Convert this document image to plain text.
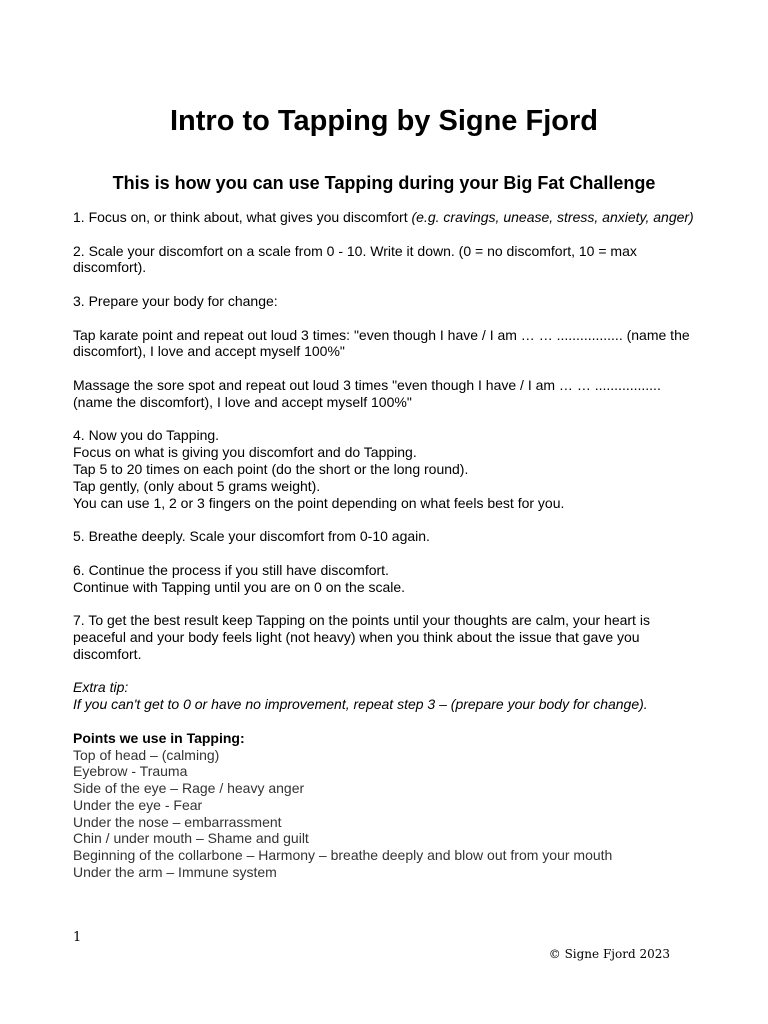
Intro to Tapping by Signe Fjord
This is how you can use Tapping during your Big Fat Challenge

1. Focus on, or think about, what gives you discomfort (e.g. cravings, unease, stress, anxiety, anger)

2. Scale your discomfort on a scale from 0 - 10. Write it down. (0 = no discomfort, 10 = max discomfort).

3. Prepare your body for change:

Tap karate point and repeat out loud 3 times: "even though I have / I am … … ................. (name the discomfort), I love and accept myself 100%"

Massage the sore spot and repeat out loud 3 times "even though I have / I am … … .................(name the discomfort), I love and accept myself 100%"

4. Now you do Tapping.
Focus on what is giving you discomfort and do Tapping.
Tap 5 to 20 times on each point (do the short or the long round).
Tap gently, (only about 5 grams weight).
You can use 1, 2 or 3 fingers on the point depending on what feels best for you.

5. Breathe deeply. Scale your discomfort from 0-10 again.

6. Continue the process if you still have discomfort.
Continue with Tapping until you are on 0 on the scale.

7. To get the best result keep Tapping on the points until your thoughts are calm, your heart is peaceful and your body feels light (not heavy) when you think about the issue that gave you discomfort.

Extra tip:
If you can't get to 0 or have no improvement, repeat step 3 – (prepare your body for change).

Points we use in Tapping:
Top of head – (calming)
Eyebrow - Trauma
Side of the eye – Rage / heavy anger
Under the eye - Fear
Under the nose – embarrassment
Chin / under mouth – Shame and guilt
Beginning of the collarbone – Harmony – breathe deeply and blow out from your mouth
Under the arm – Immune system
1
© Signe Fjord 2023
